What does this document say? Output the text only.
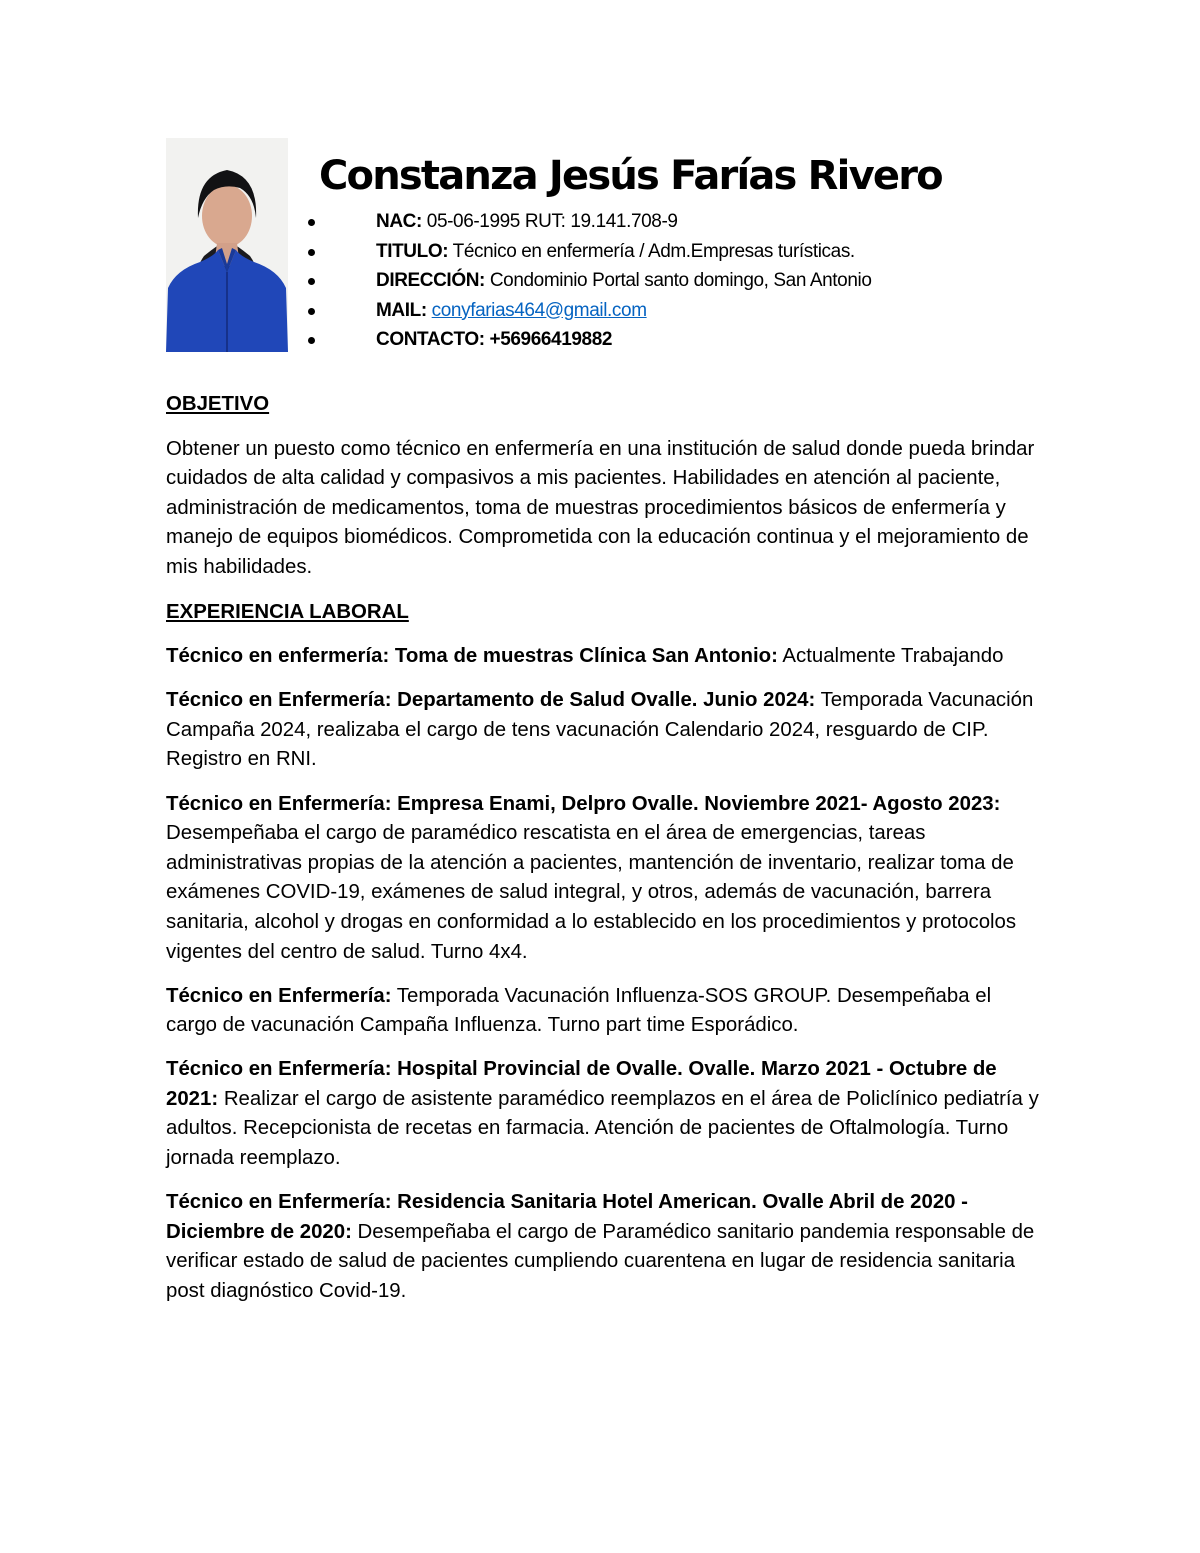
Constanza Jesús Farías Rivero
NAC: 05-06-1995 RUT: 19.141.708-9
TITULO: Técnico en enfermería / Adm.Empresas turísticas.
DIRECCIÓN: Condominio Portal santo domingo, San Antonio
MAIL: conyfarias464@gmail.com
CONTACTO: +56966419882
OBJETIVO

Obtener un puesto como técnico en enfermería en una institución de salud donde pueda brindar cuidados de alta calidad y compasivos a mis pacientes. Habilidades en atención al paciente, administración de medicamentos, toma de muestras procedimientos básicos de enfermería y manejo de equipos biomédicos. Comprometida con la educación continua y el mejoramiento de mis habilidades.

EXPERIENCIA LABORAL

Técnico en enfermería: Toma de muestras Clínica San Antonio: Actualmente Trabajando

Técnico en Enfermería: Departamento de Salud Ovalle. Junio 2024: Temporada Vacunación Campaña 2024, realizaba el cargo de tens vacunación Calendario 2024, resguardo de CIP. Registro en RNI.

Técnico en Enfermería: Empresa Enami, Delpro Ovalle. Noviembre 2021- Agosto 2023: Desempeñaba el cargo de paramédico rescatista en el área de emergencias, tareas administrativas propias de la atención a pacientes, mantención de inventario, realizar toma de exámenes COVID-19, exámenes de salud integral, y otros, además de vacunación, barrera sanitaria, alcohol y drogas en conformidad a lo establecido en los procedimientos y protocolos vigentes del centro de salud. Turno 4x4.

Técnico en Enfermería: Temporada Vacunación Influenza-SOS GROUP. Desempeñaba el cargo de vacunación Campaña Influenza. Turno part time Esporádico.

Técnico en Enfermería: Hospital Provincial de Ovalle. Ovalle. Marzo 2021 - Octubre de 2021: Realizar el cargo de asistente paramédico reemplazos en el área de Policlínico pediatría y adultos. Recepcionista de recetas en farmacia. Atención de pacientes de Oftalmología. Turno jornada reemplazo.

Técnico en Enfermería: Residencia Sanitaria Hotel American. Ovalle Abril de 2020 - Diciembre de 2020: Desempeñaba el cargo de Paramédico sanitario pandemia responsable de verificar estado de salud de pacientes cumpliendo cuarentena en lugar de residencia sanitaria post diagnóstico Covid-19.
